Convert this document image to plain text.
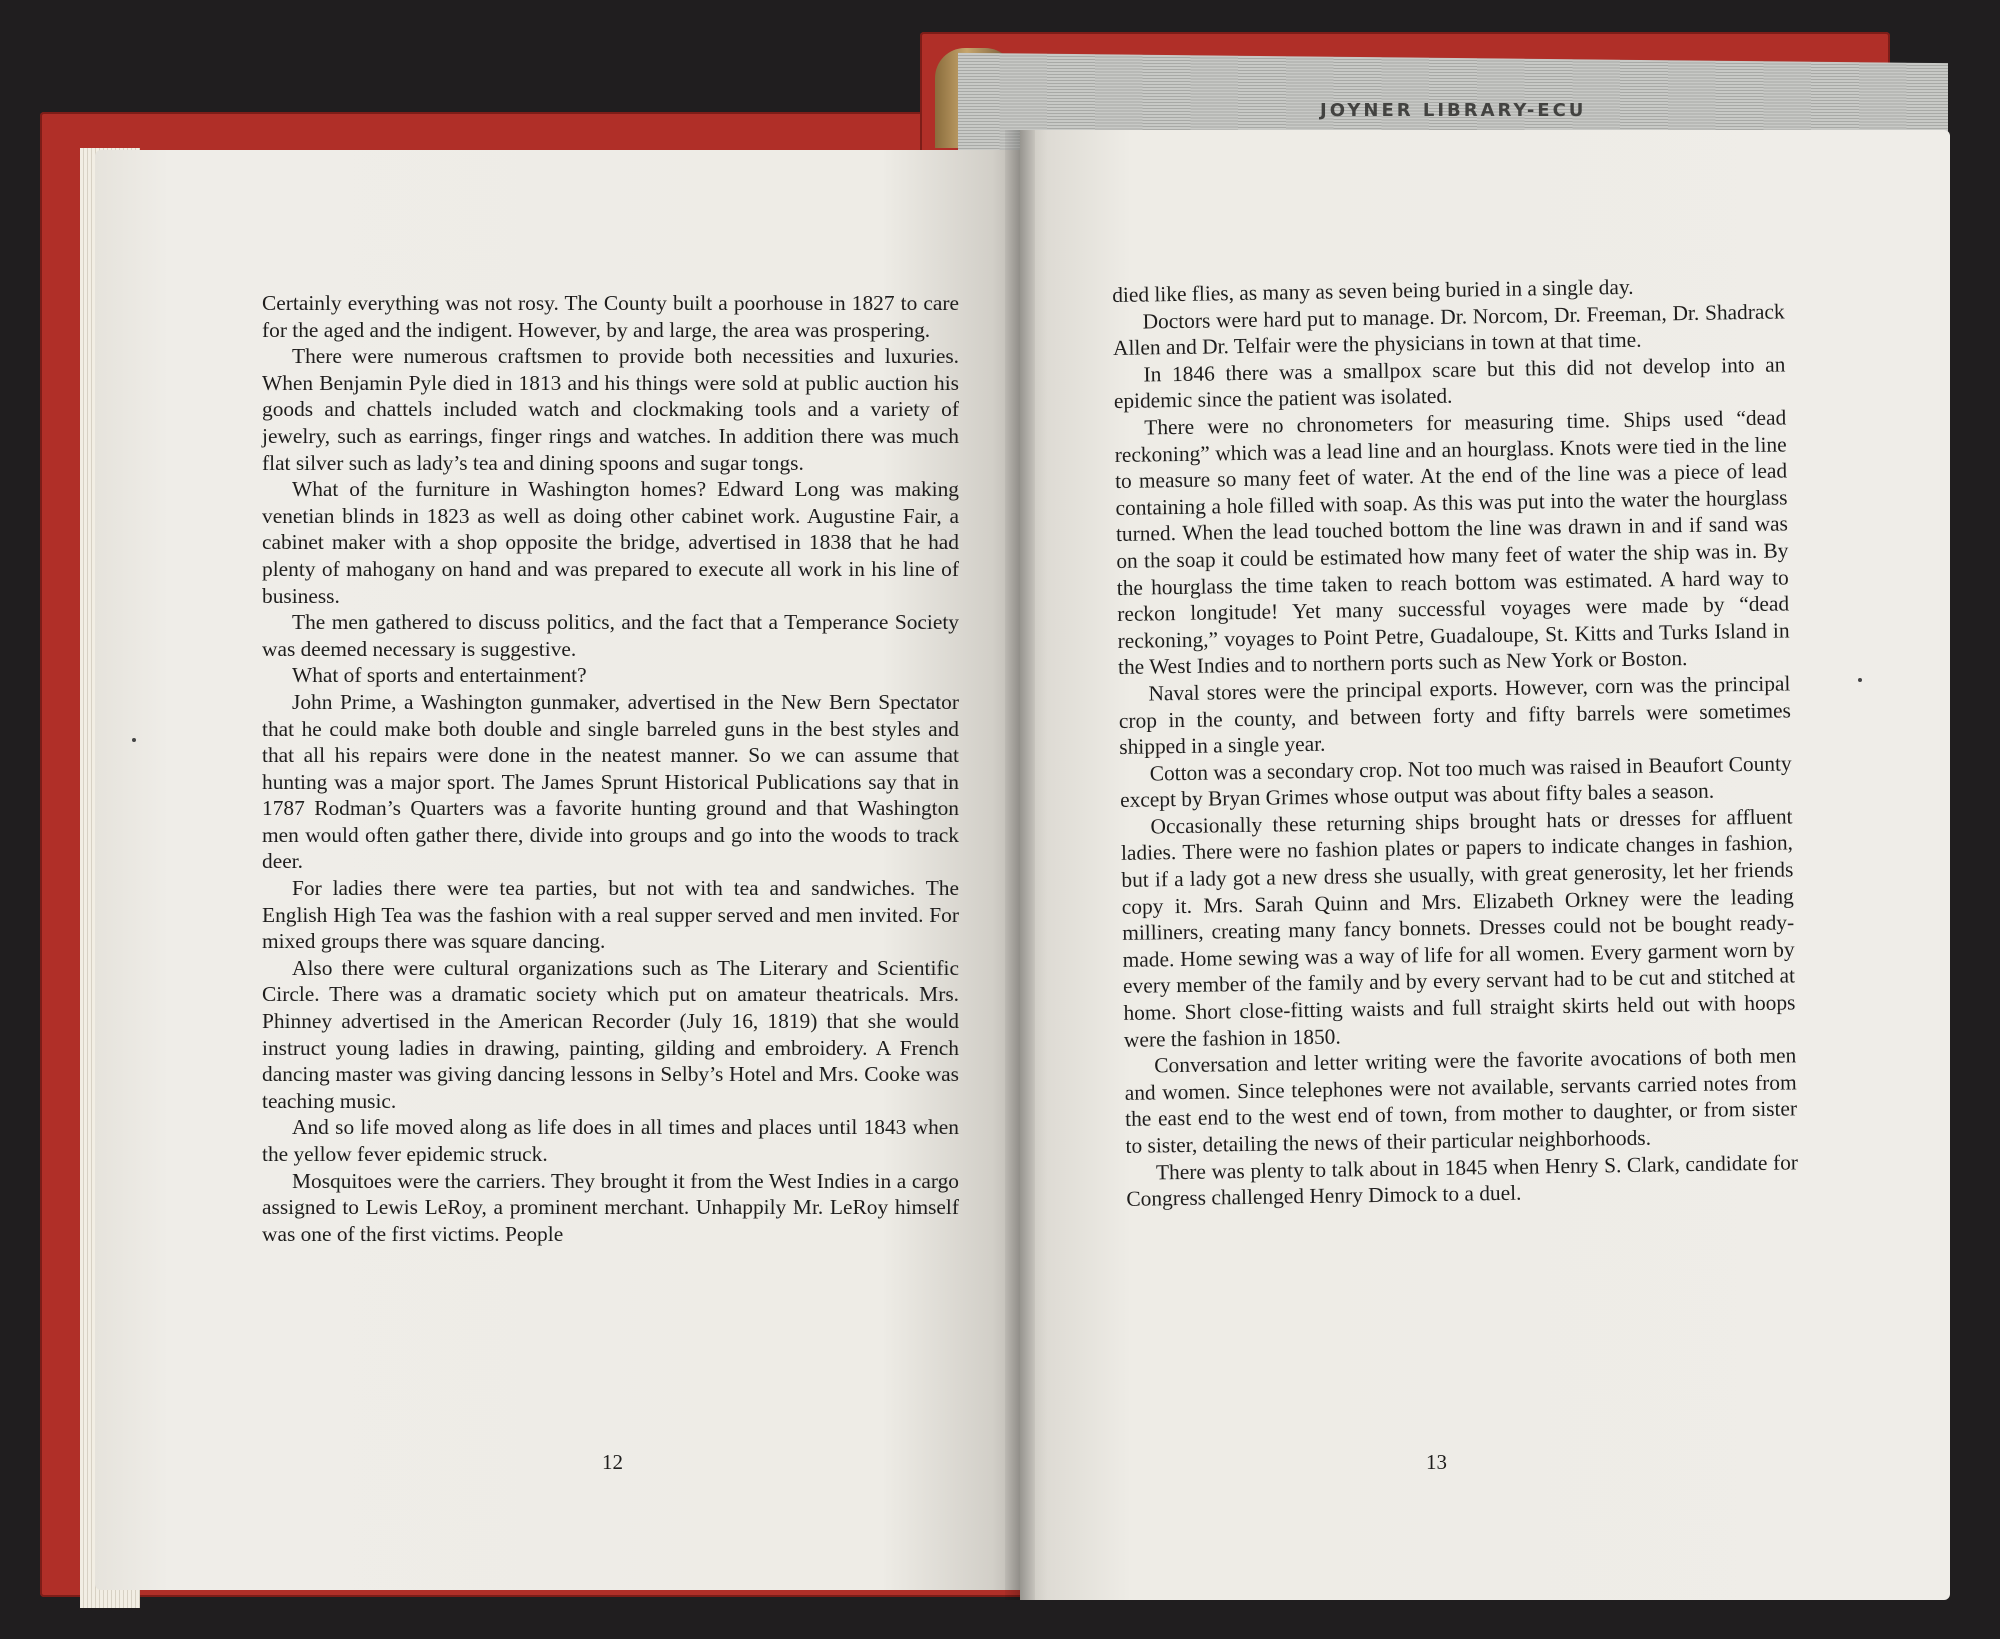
JOYNER LIBRARY-ECU

Certainly everything was not rosy. The County built a poorhouse in 1827 to care for the aged and the indigent. However, by and large, the area was prospering.

There were numerous craftsmen to provide both necessities and luxuries. When Benjamin Pyle died in 1813 and his things were sold at public auction his goods and chattels included watch and clockmaking tools and a variety of jewelry, such as earrings, finger rings and watches. In addition there was much flat silver such as lady’s tea and dining spoons and sugar tongs.

What of the furniture in Washington homes? Edward Long was making venetian blinds in 1823 as well as doing other cabinet work. Augustine Fair, a cabinet maker with a shop opposite the bridge, advertised in 1838 that he had plenty of mahogany on hand and was prepared to execute all work in his line of business.

The men gathered to discuss politics, and the fact that a Temperance Society was deemed necessary is suggestive.

What of sports and entertainment?

John Prime, a Washington gunmaker, advertised in the New Bern Spectator that he could make both double and single barreled guns in the best styles and that all his repairs were done in the neatest manner. So we can assume that hunting was a major sport. The James Sprunt Historical Publications say that in 1787 Rodman’s Quarters was a favorite hunting ground and that Washington men would often gather there, divide into groups and go into the woods to track deer.

For ladies there were tea parties, but not with tea and sandwiches. The English High Tea was the fashion with a real supper served and men invited. For mixed groups there was square dancing.

Also there were cultural organizations such as The Literary and Scientific Circle. There was a dramatic society which put on amateur theatricals. Mrs. Phinney advertised in the American Recorder (July 16, 1819) that she would instruct young ladies in drawing, painting, gilding and embroidery. A French dancing master was giving dancing lessons in Selby’s Hotel and Mrs. Cooke was teaching music.

And so life moved along as life does in all times and places until 1843 when the yellow fever epidemic struck.

Mosquitoes were the carriers. They brought it from the West Indies in a cargo assigned to Lewis LeRoy, a prominent merchant. Unhappily Mr. LeRoy himself was one of the first victims. People

12

died like flies, as many as seven being buried in a single day.

Doctors were hard put to manage. Dr. Norcom, Dr. Freeman, Dr. Shadrack Allen and Dr. Telfair were the physicians in town at that time.

In 1846 there was a smallpox scare but this did not develop into an epidemic since the patient was isolated.

There were no chronometers for measuring time. Ships used “dead reckoning” which was a lead line and an hourglass. Knots were tied in the line to measure so many feet of water. At the end of the line was a piece of lead containing a hole filled with soap. As this was put into the water the hourglass turned. When the lead touched bottom the line was drawn in and if sand was on the soap it could be estimated how many feet of water the ship was in. By the hourglass the time taken to reach bottom was estimated. A hard way to reckon longitude! Yet many successful voyages were made by “dead reckoning,” voyages to Point Petre, Guadaloupe, St. Kitts and Turks Island in the West Indies and to northern ports such as New York or Boston.

Naval stores were the principal exports. However, corn was the principal crop in the county, and between forty and fifty barrels were sometimes shipped in a single year.

Cotton was a secondary crop. Not too much was raised in Beaufort County except by Bryan Grimes whose output was about fifty bales a season.

Occasionally these returning ships brought hats or dresses for affluent ladies. There were no fashion plates or papers to indicate changes in fashion, but if a lady got a new dress she usually, with great generosity, let her friends copy it. Mrs. Sarah Quinn and Mrs. Elizabeth Orkney were the leading milliners, creating many fancy bonnets. Dresses could not be bought ready-made. Home sewing was a way of life for all women. Every garment worn by every member of the family and by every servant had to be cut and stitched at home. Short close-fitting waists and full straight skirts held out with hoops were the fashion in 1850.

Conversation and letter writing were the favorite avocations of both men and women. Since telephones were not available, servants carried notes from the east end to the west end of town, from mother to daughter, or from sister to sister, detailing the news of their particular neighborhoods.

There was plenty to talk about in 1845 when Henry S. Clark, candidate for Congress challenged Henry Dimock to a duel.

13
